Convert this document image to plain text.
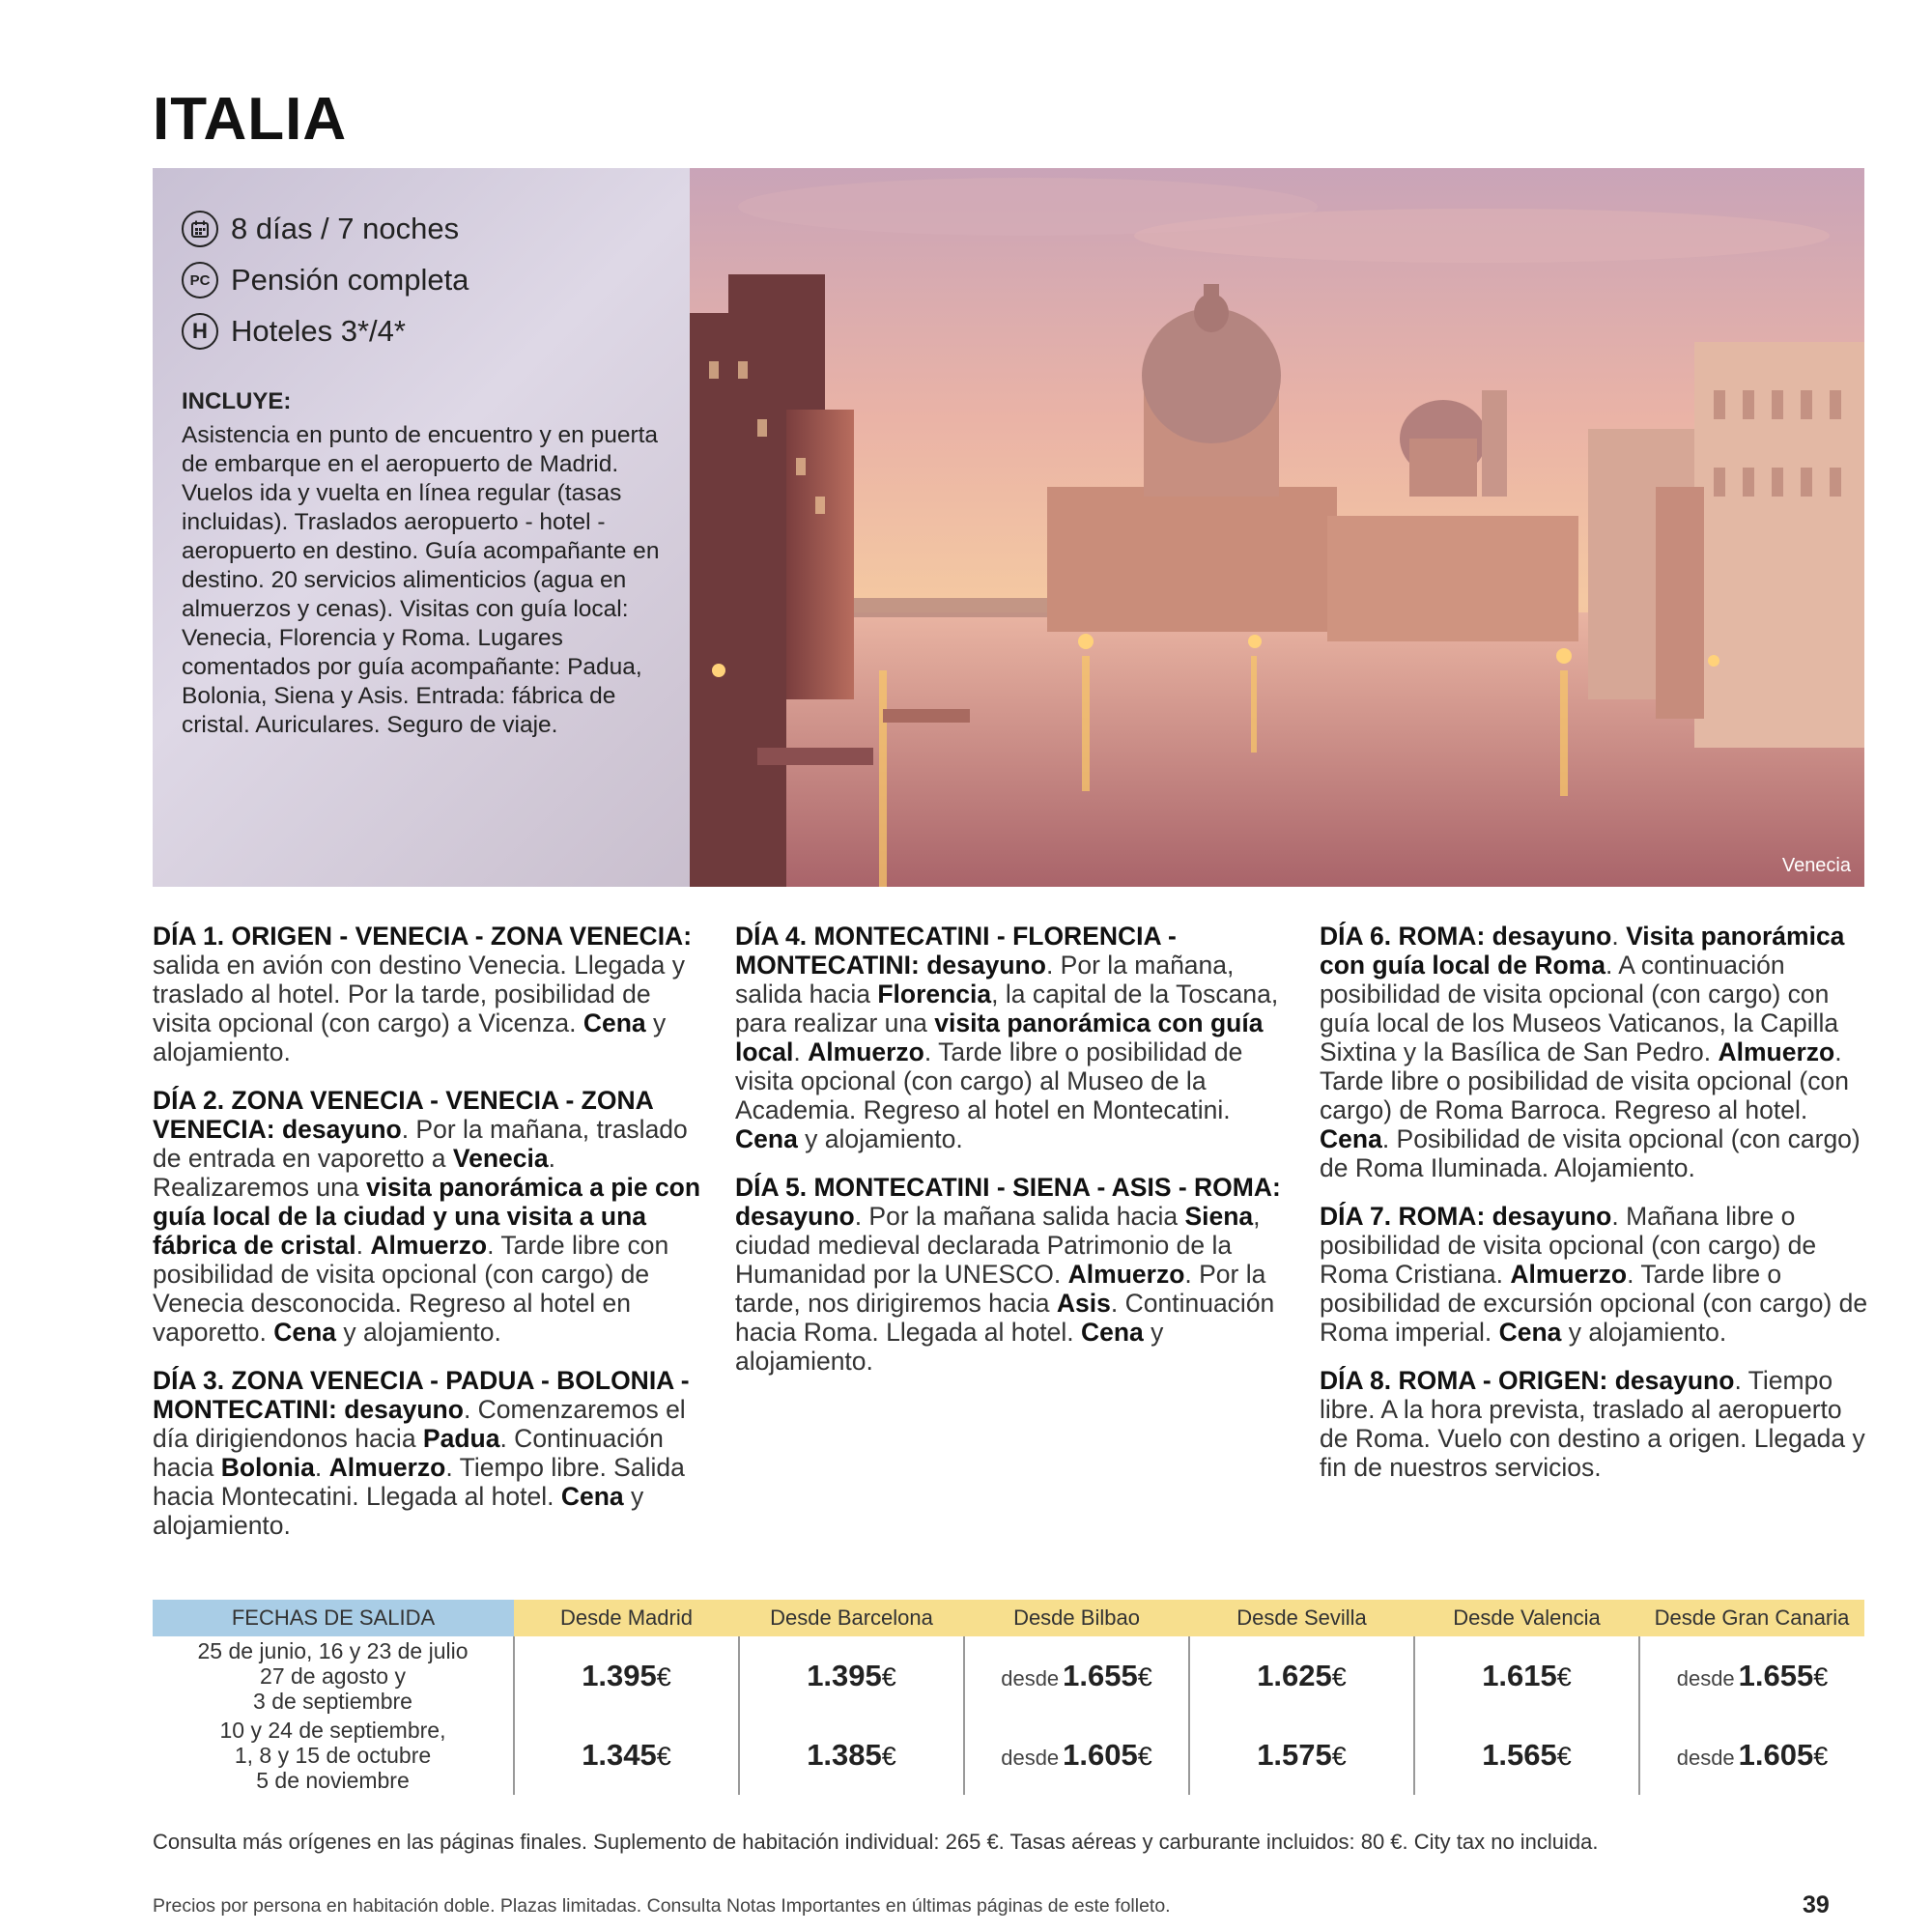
ITALIA
8 días / 7 noches
PC Pensión completa
H Hoteles 3*/4*

INCLUYE:

Asistencia en punto de encuentro y en puerta de embarque en el aeropuerto de Madrid. Vuelos ida y vuelta en línea regular (tasas incluidas). Traslados aeropuerto - hotel - aeropuerto en destino. Guía acompañante en destino. 20 servicios alimenticios (agua en almuerzos y cenas). Visitas con guía local: Venecia, Florencia y Roma. Lugares comentados por guía acompañante: Padua, Bolonia, Siena y Asis. Entrada: fábrica de cristal. Auriculares. Seguro de viaje.

Venecia

DÍA 1. ORIGEN - VENECIA - ZONA VENECIA: salida en avión con destino Venecia. Llegada y traslado al hotel. Por la tarde, posibilidad de visita opcional (con cargo) a Vicenza. Cena y alojamiento.

DÍA 2. ZONA VENECIA - VENECIA - ZONA VENECIA: desayuno. Por la mañana, traslado de entrada en vaporetto a Venecia. Realizaremos una visita panorámica a pie con guía local de la ciudad y una visita a una fábrica de cristal. Almuerzo. Tarde libre con posibilidad de visita opcional (con cargo) de Venecia desconocida. Regreso al hotel en vaporetto. Cena y alojamiento.

DÍA 3. ZONA VENECIA - PADUA - BOLONIA - MONTECATINI: desayuno. Comenzaremos el día dirigiendonos hacia Padua. Continuación hacia Bolonia. Almuerzo. Tiempo libre. Salida hacia Montecatini. Llegada al hotel. Cena y alojamiento.

DÍA 4. MONTECATINI - FLORENCIA - MONTECATINI: desayuno. Por la mañana, salida hacia Florencia, la capital de la Toscana, para realizar una visita panorámica con guía local. Almuerzo. Tarde libre o posibilidad de visita opcional (con cargo) al Museo de la Academia. Regreso al hotel en Montecatini. Cena y alojamiento.

DÍA 5. MONTECATINI - SIENA - ASIS - ROMA: desayuno. Por la mañana salida hacia Siena, ciudad medieval declarada Patrimonio de la Humanidad por la UNESCO. Almuerzo. Por la tarde, nos dirigiremos hacia Asis. Continuación hacia Roma. Llegada al hotel. Cena y alojamiento.

DÍA 6. ROMA: desayuno. Visita panorámica con guía local de Roma. A continuación posibilidad de visita opcional (con cargo) con guía local de los Museos Vaticanos, la Capilla Sixtina y la Basílica de San Pedro. Almuerzo. Tarde libre o posibilidad de visita opcional (con cargo) de Roma Barroca. Regreso al hotel. Cena. Posibilidad de visita opcional (con cargo) de Roma Iluminada. Alojamiento.

DÍA 7. ROMA: desayuno. Mañana libre o posibilidad de visita opcional (con cargo) de Roma Cristiana. Almuerzo. Tarde libre o posibilidad de excursión opcional (con cargo) de Roma imperial. Cena y alojamiento.

DÍA 8. ROMA - ORIGEN: desayuno. Tiempo libre. A la hora prevista, traslado al aeropuerto de Roma. Vuelo con destino a origen. Llegada y fin de nuestros servicios.

FECHAS DE SALIDA	Desde Madrid	Desde Barcelona	Desde Bilbao	Desde Sevilla	Desde Valencia	Desde Gran Canaria

25 de junio, 16 y 23 de julio
27 de agosto y
3 de septiembre	1.395€	1.395€	desde 1.655€	1.625€	1.615€	desde 1.655€

10 y 24 de septiembre,
1, 8 y 15 de octubre
5 de noviembre	1.345€	1.385€	desde 1.605€	1.575€	1.565€	desde 1.605€

Consulta más orígenes en las páginas finales. Suplemento de habitación individual: 265 €. Tasas aéreas y carburante incluidos: 80 €. City tax no incluida.

Precios por persona en habitación doble. Plazas limitadas. Consulta Notas Importantes en últimas páginas de este folleto.	39
